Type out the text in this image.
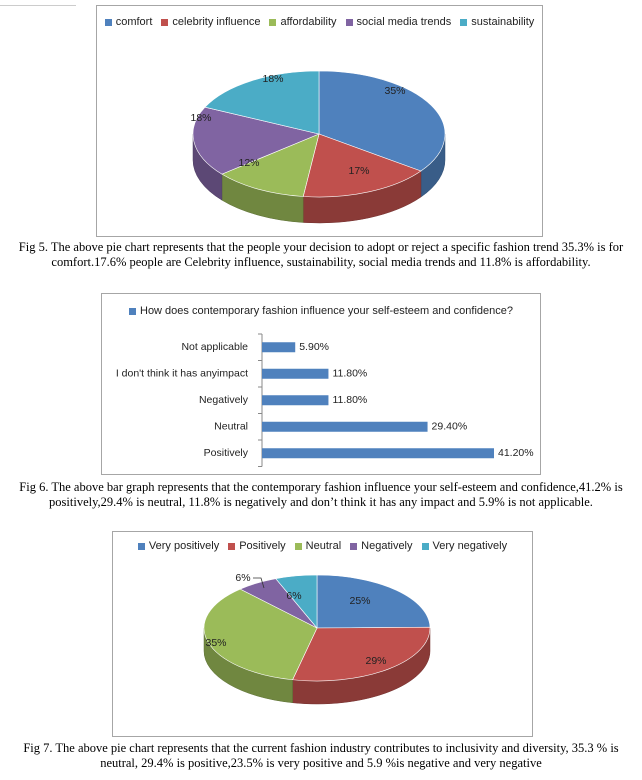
comfort celebrity influence affordability social media trends sustainability
35%
17%
12%
18%
18%
Fig 5. The above pie chart represents that the people your decision to adopt or reject a specific fashion trend 35.3% is for comfort.17.6% people are Celebrity influence, sustainability, social media trends and 11.8% is affordability.
How does contemporary fashion influence your self-esteem and confidence?
Not applicable	5.90%
I don't think it has anyimpact	11.80%
Negatively	11.80%
Neutral	29.40%
Positively	41.20%
Fig 6. The above bar graph represents that the contemporary fashion influence your self-esteem and confidence,41.2% is positively,29.4% is neutral, 11.8% is negatively and don’t think it has any impact and 5.9% is not applicable.
Very positively Positively Neutral Negatively Very negatively
25%
29%
35%
6%
6%
Fig 7. The above pie chart represents that the current fashion industry contributes to inclusivity and diversity, 35.3 % is neutral, 29.4% is positive,23.5% is very positive and 5.9 %is negative and very negative
